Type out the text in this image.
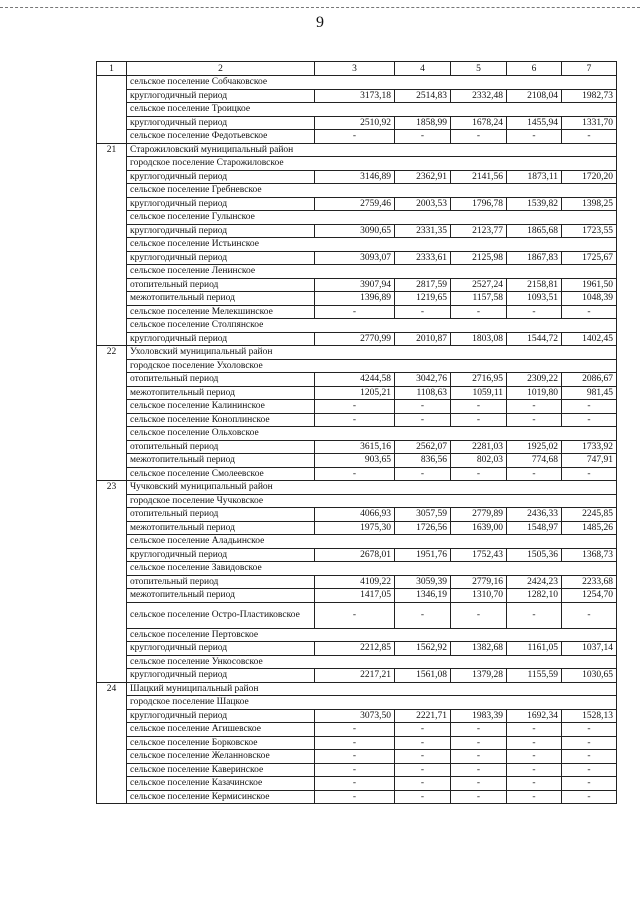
9
1	2	3	4	5	6	7
	сельское поселение Собчаковское					
	круглогодичный период	3173,18	2514,83	2332,48	2108,04	1982,73
	сельское поселение Троицкое					
	круглогодичный период	2510,92	1858,99	1678,24	1455,94	1331,70
	сельское поселение Федотьевское	-	-	-	-	-
21	Старожиловский муниципальный район					
	городское поселение Старожиловское					
	круглогодичный период	3146,89	2362,91	2141,56	1873,11	1720,20
	сельское поселение Гребневское					
	круглогодичный период	2759,46	2003,53	1796,78	1539,82	1398,25
	сельское поселение Гулынское					
	круглогодичный период	3090,65	2331,35	2123,77	1865,68	1723,55
	сельское поселение Истьинское					
	круглогодичный период	3093,07	2333,61	2125,98	1867,83	1725,67
	сельское поселение Ленинское					
	отопительный период	3907,94	2817,59	2527,24	2158,81	1961,50
	межотопительный период	1396,89	1219,65	1157,58	1093,51	1048,39
	сельское поселение Мелекшинское	-	-	-	-	-
	сельское поселение Столпянское					
	круглогодичный период	2770,99	2010,87	1803,08	1544,72	1402,45
22	Ухоловский муниципальный район					
	городское поселение Ухоловское					
	отопительный период	4244,58	3042,76	2716,95	2309,22	2086,67
	межотопительный период	1205,21	1108,63	1059,11	1019,80	981,45
	сельское поселение Калининское	-	-	-	-	-
	сельское поселение Коноплинское	-	-	-	-	-
	сельское поселение Ольховское					
	отопительный период	3615,16	2562,07	2281,03	1925,02	1733,92
	межотопительный период	903,65	836,56	802,03	774,68	747,91
	сельское поселение Смолеевское	-	-	-	-	-
23	Чучковский муниципальный район					
	городское поселение Чучковское					
	отопительный период	4066,93	3057,59	2779,89	2436,33	2245,85
	межотопительный период	1975,30	1726,56	1639,00	1548,97	1485,26
	сельское поселение Аладьинское					
	круглогодичный период	2678,01	1951,76	1752,43	1505,36	1368,73
	сельское поселение Завидовское					
	отопительный период	4109,22	3059,39	2779,16	2424,23	2233,68
	межотопительный период	1417,05	1346,19	1310,70	1282,10	1254,70
	сельское поселение Остро-Пластиковское	-	-	-	-	-
	сельское поселение Пертовское					
	круглогодичный период	2212,85	1562,92	1382,68	1161,05	1037,14
	сельское поселение Ункосовское					
	круглогодичный период	2217,21	1561,08	1379,28	1155,59	1030,65
24	Шацкий муниципальный район					
	городское поселение Шацкое					
	круглогодичный период	3073,50	2221,71	1983,39	1692,34	1528,13
	сельское поселение Агишевское	-	-	-	-	-
	сельское поселение Борковское	-	-	-	-	-
	сельское поселение Желанновское	-	-	-	-	-
	сельское поселение Каверинское	-	-	-	-	-
	сельское поселение Казачинское	-	-	-	-	-
	сельское поселение Кермисинское	-	-	-	-	-
